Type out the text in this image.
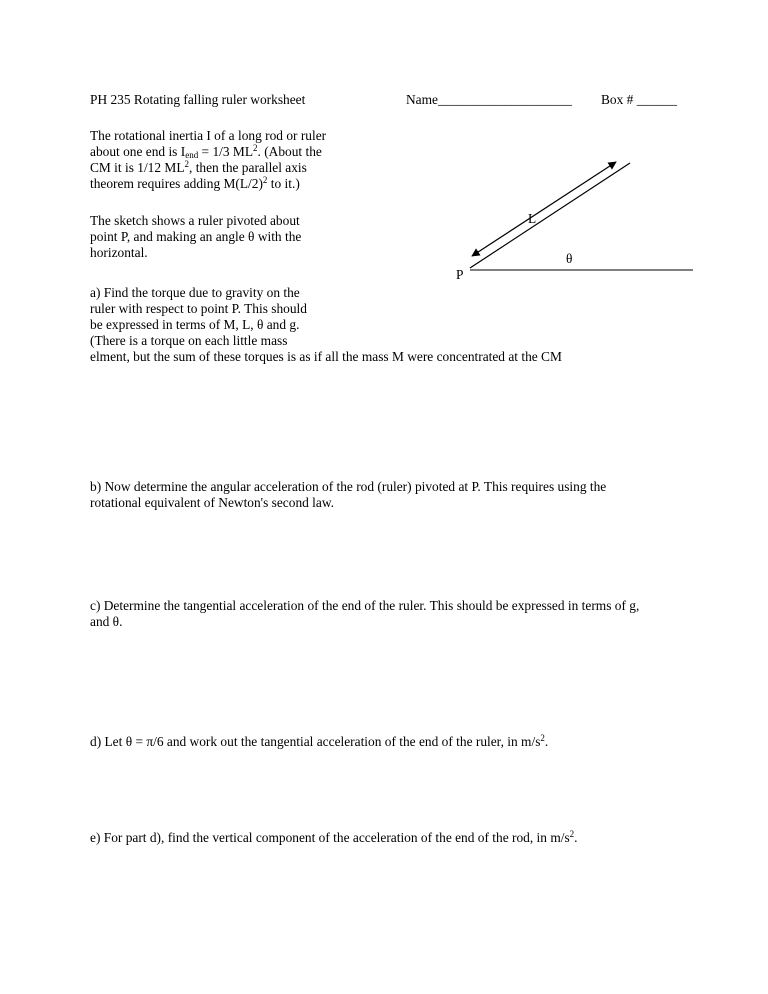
PH 235 Rotating falling ruler worksheet	Name____________________ Box # ______

The rotational inertia I of a long rod or ruler
about one end is $I_{end} = 1/3$ $ML^2$. (About the
CM it is 1/12 $ML^2$, then the parallel axis
theorem requires adding $M(L/2)^2$ to it.)
The sketch shows a ruler pivoted about
point P, and making an angle θ with the
horizontal.
L
θ
P
a) Find the torque due to gravity on the
ruler with respect to point P. This should
be expressed in terms of M, L, θ and g.
(There is a torque on each little mass
elment, but the sum of these torques is as if all the mass M were concentrated at the CM
b) Now determine the angular acceleration of the rod (ruler) pivoted at P. This requires using the
rotational equivalent of Newton's second law.
c) Determine the tangential acceleration of the end of the ruler. This should be expressed in terms of g,
and θ.

d) Let θ = π/6 and work out the tangential acceleration of the end of the ruler, in $m/s^2$.

e) For part d), find the vertical component of the acceleration of the end of the rod, in $m/s^2$.
